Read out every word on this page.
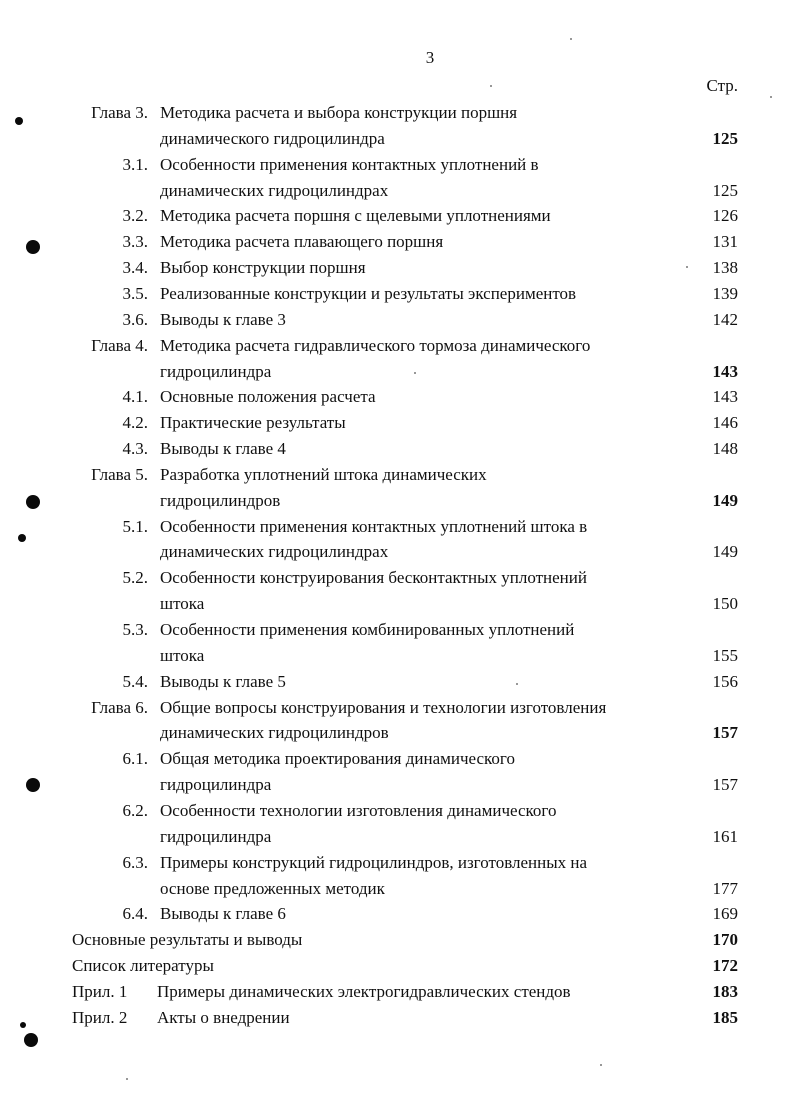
3
Стр.
Глава 3. Методика расчета и выбора конструкции поршня
динамического гидроцилиндра	125
3.1. Особенности применения контактных уплотнений в
динамических гидроцилиндрах	125
3.2. Методика расчета поршня с щелевыми уплотнениями	126
3.3. Методика расчета плавающего поршня	131
3.4. Выбор конструкции поршня	138
3.5. Реализованные конструкции и результаты экспериментов	139
3.6. Выводы к главе 3	142
Глава 4. Методика расчета гидравлического тормоза динамического
гидроцилиндра	143
4.1. Основные положения расчета	143
4.2. Практические результаты	146
4.3. Выводы к главе 4	148
Глава 5. Разработка уплотнений штока динамических
гидроцилиндров	149
5.1. Особенности применения контактных уплотнений штока в
динамических гидроцилиндрах	149
5.2. Особенности конструирования бесконтактных уплотнений
штока	150
5.3. Особенности применения комбинированных уплотнений
штока	155
5.4. Выводы к главе 5	156
Глава 6. Общие вопросы конструирования и технологии изготовления
динамических гидроцилиндров	157
6.1. Общая методика проектирования динамического
гидроцилиндра	157
6.2. Особенности технологии изготовления динамического
гидроцилиндра	161
6.3. Примеры конструкций гидроцилиндров, изготовленных на
основе предложенных методик	177
6.4. Выводы к главе 6	169
Основные результаты и выводы	170
Список литературы	172
Прил. 1 Примеры динамических электрогидравлических стендов	183
Прил. 2 Акты о внедрении	185
